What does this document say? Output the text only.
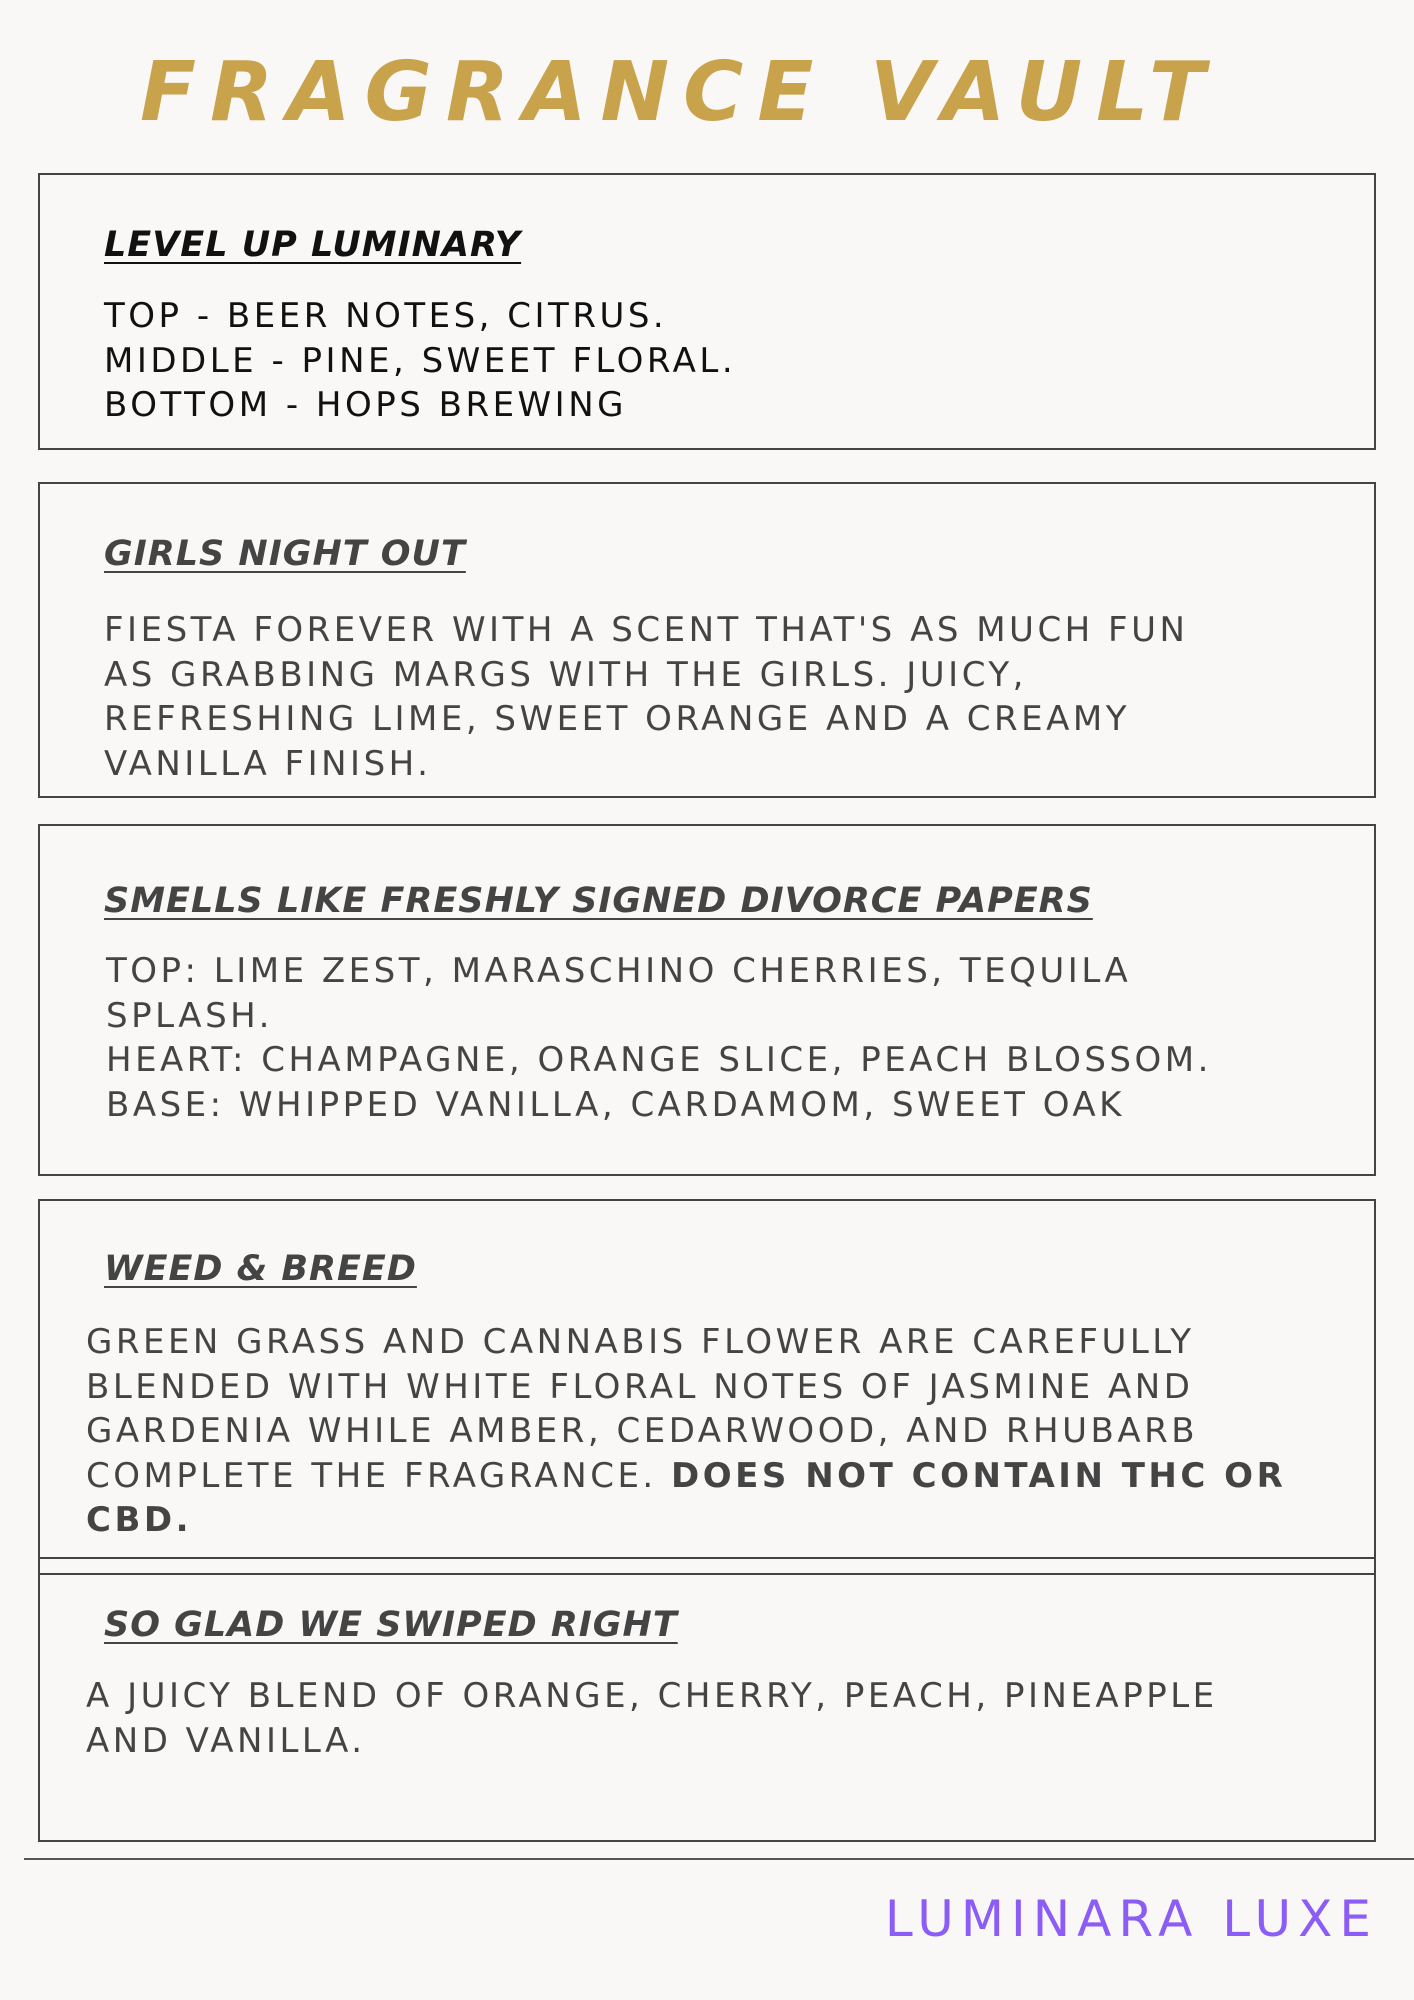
FRAGRANCE VAULT
LEVEL UP LUMINARY

TOP - BEER NOTES, CITRUS.

MIDDLE - PINE, SWEET FLORAL.

BOTTOM - HOPS BREWING

GIRLS NIGHT OUT

FIESTA FOREVER WITH A SCENT THAT'S AS MUCH FUN

AS GRABBING MARGS WITH THE GIRLS. JUICY,

REFRESHING LIME, SWEET ORANGE AND A CREAMY

VANILLA FINISH.

SMELLS LIKE FRESHLY SIGNED DIVORCE PAPERS

TOP: LIME ZEST, MARASCHINO CHERRIES, TEQUILA

SPLASH.

HEART: CHAMPAGNE, ORANGE SLICE, PEACH BLOSSOM.

BASE: WHIPPED VANILLA, CARDAMOM, SWEET OAK

WEED & BREED

GREEN GRASS AND CANNABIS FLOWER ARE CAREFULLY

BLENDED WITH WHITE FLORAL NOTES OF JASMINE AND

GARDENIA WHILE AMBER, CEDARWOOD, AND RHUBARB

COMPLETE THE FRAGRANCE. DOES NOT CONTAIN THC OR

CBD.

SO GLAD WE SWIPED RIGHT

A JUICY BLEND OF ORANGE, CHERRY, PEACH, PINEAPPLE

AND VANILLA.

LUMINARA LUXE
